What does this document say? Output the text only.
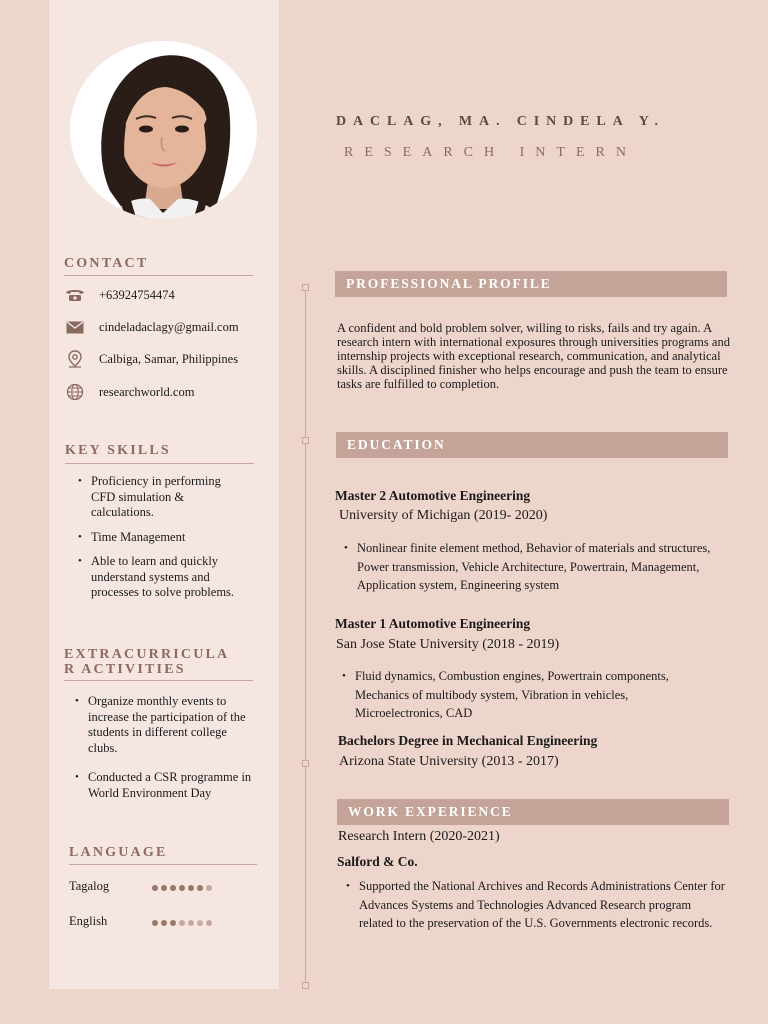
CONTACT
+63924754474
cindeladaclagy@gmail.com
Calbiga, Samar, Philippines
researchworld.com
KEY SKILLS
• Proficiency in performing CFD simulation & calculations.
• Time Management
• Able to learn and quickly understand systems and processes to solve problems.
EXTRACURRICULA
R ACTIVITIES
• Organize monthly events to increase the participation of the students in different college clubs.
• Conducted a CSR programme in World Environment Day
LANGUAGE
Tagalog
English
DACLAG, MA. CINDELA Y.
RESEARCH INTERN
PROFESSIONAL PROFILE
A confident and bold problem solver, willing to risks, fails and try again. A research intern with international exposures through universities programs and internship projects with exceptional research, communication, and analytical skills. A disciplined finisher who helps encourage and push the team to ensure tasks are fulfilled to completion.
EDUCATION
Master 2 Automotive Engineering
University of Michigan (2019- 2020)
• Nonlinear finite element method, Behavior of materials and structures, Power transmission, Vehicle Architecture, Powertrain, Management, Application system, Engineering system
Master 1 Automotive Engineering
San Jose State University (2018 - 2019)
• Fluid dynamics, Combustion engines, Powertrain components, Mechanics of multibody system, Vibration in vehicles, Microelectronics, CAD
Bachelors Degree in Mechanical Engineering
Arizona State University (2013 - 2017)
WORK EXPERIENCE
Research Intern (2020-2021)
Salford & Co.
• Supported the National Archives and Records Administrations Center for Advances Systems and Technologies Advanced Research program related to the preservation of the U.S. Governments electronic records.
